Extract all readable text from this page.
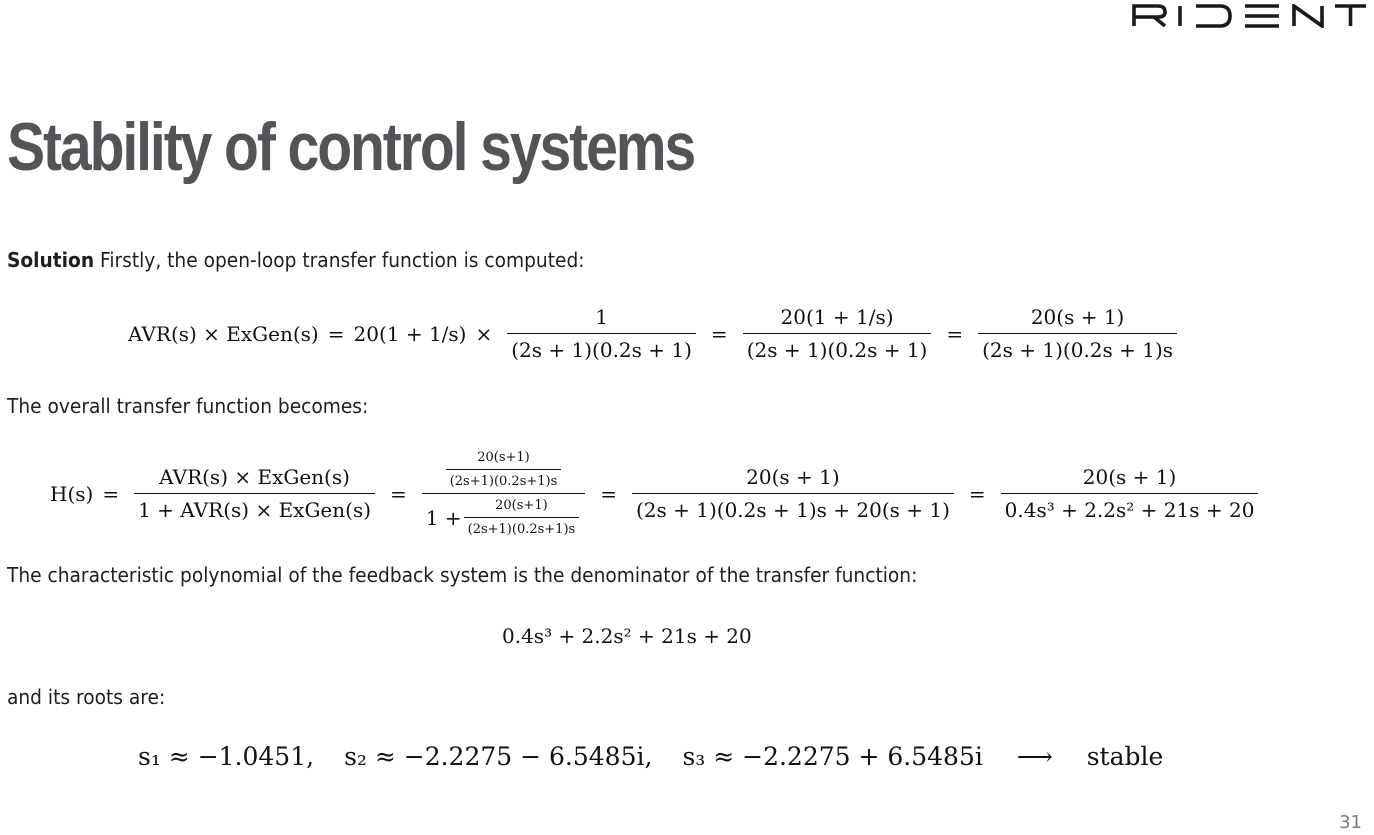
Stability of control systems

Solution Firstly, the open-loop transfer function is computed:

AVR(s) × ExGen(s) = $20(1 + 1/s) \times \frac{1}{(2s + 1)(0.2s + 1)} = \frac{20(1 + 1/s)}{(2s + 1)(0.2s + 1)} = \frac{20(s + 1)}{(2s + 1)(0.2s + 1)s}$

The overall transfer function becomes:

$H(s) = \frac{\text{AVR(s) × ExGen(s)}}{\text{1 + AVR(s) × ExGen(s)}} = \frac{\frac{20(s+1)}{(2s+1)(0.2s+1)s}}{1 + \frac{20(s+1)}{(2s+1)(0.2s+1)s}} = \frac{20(s + 1)}{(2s + 1)(0.2s + 1)s + 20(s + 1)} = \frac{20(s + 1)}{\text{0.4s³ + 2.2s² + 21s + 20}}$

The characteristic polynomial of the feedback system is the denominator of the transfer function:

0.4s³ + 2.2s² + 21s + 20

and its roots are:

s₁ ≈ −1.0451, s₂ ≈ −2.2275 − 6.5485i, s₃ ≈ −2.2275 + 6.5485i ⟶ stable
31
